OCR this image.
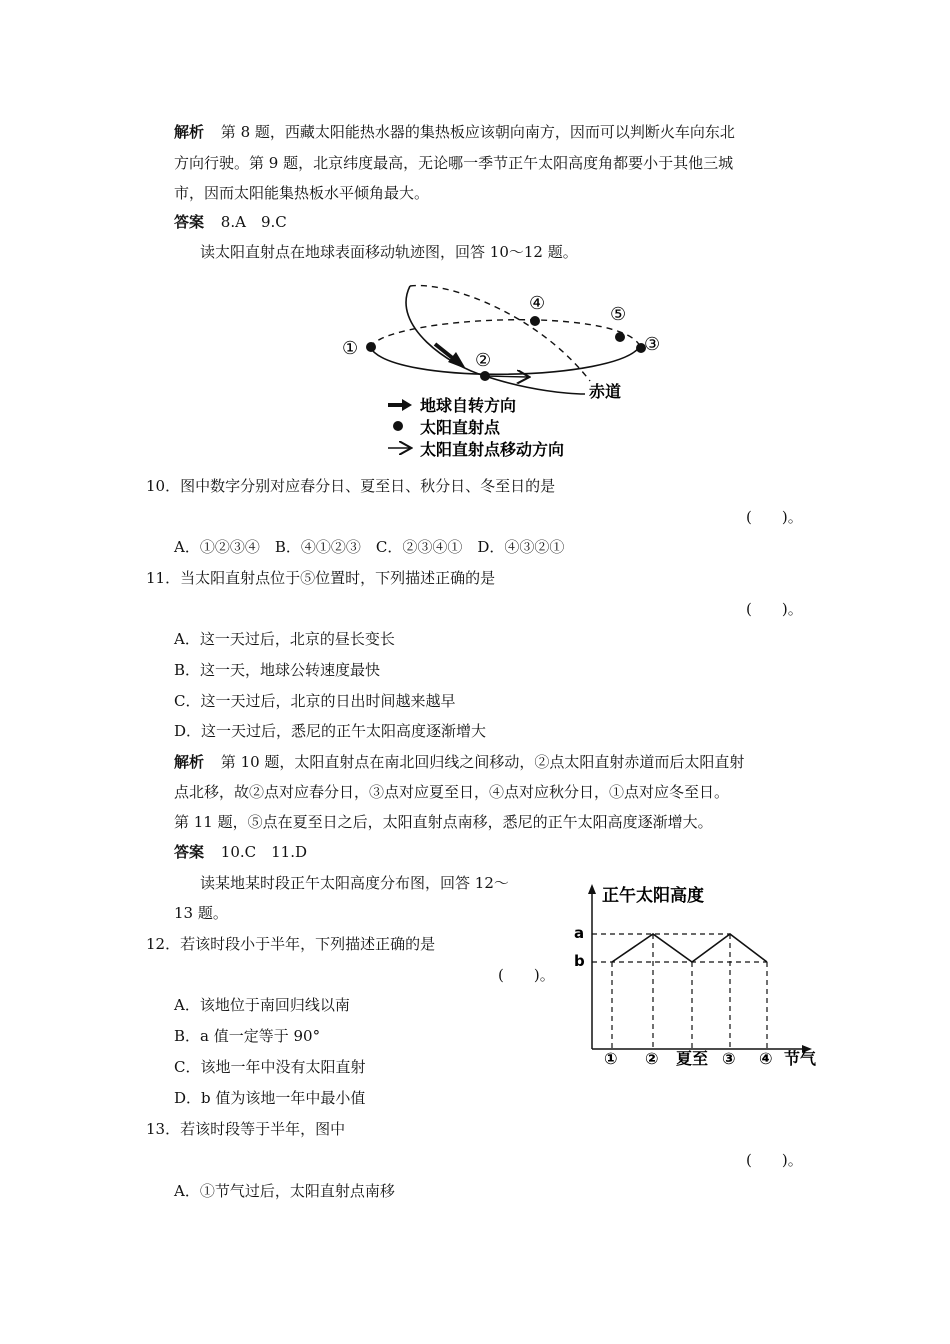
解析 第 8 题，西藏太阳能热水器的集热板应该朝向南方，因而可以判断火车向东北
方向行驶。第 9 题，北京纬度最高，无论哪一季节正午太阳高度角都要小于其他三城
市，因而太阳能集热板水平倾角最大。
答案 8.A　9.C
读太阳直射点在地球表面移动轨迹图，回答 10～12 题。
①
②
③
④
⑤
赤道
地球自转方向
太阳直射点
太阳直射点移动方向
10．图中数字分别对应春分日、夏至日、秋分日、冬至日的是
(　　)。
A．①②③④　B．④①②③　C．②③④①　D．④③②①
11．当太阳直射点位于⑤位置时，下列描述正确的是
(　　)。
A．这一天过后，北京的昼长变长
B．这一天，地球公转速度最快
C．这一天过后，北京的日出时间越来越早
D．这一天过后，悉尼的正午太阳高度逐渐增大
解析 第 10 题，太阳直射点在南北回归线之间移动，②点太阳直射赤道而后太阳直射
点北移，故②点对应春分日，③点对应夏至日，④点对应秋分日，①点对应冬至日。
第 11 题，⑤点在夏至日之后，太阳直射点南移，悉尼的正午太阳高度逐渐增大。
答案 10.C　11.D
读某地某时段正午太阳高度分布图，回答 12～
13 题。
12．若该时段小于半年，下列描述正确的是
(　　)。
A．该地位于南回归线以南
B．a 值一定等于 90°
C．该地一年中没有太阳直射
D．b 值为该地一年中最小值
正午太阳高度
a
b
① ② 夏至 ③ ④ 节气
13．若该时段等于半年，图中
(　　)。
A．①节气过后，太阳直射点南移
